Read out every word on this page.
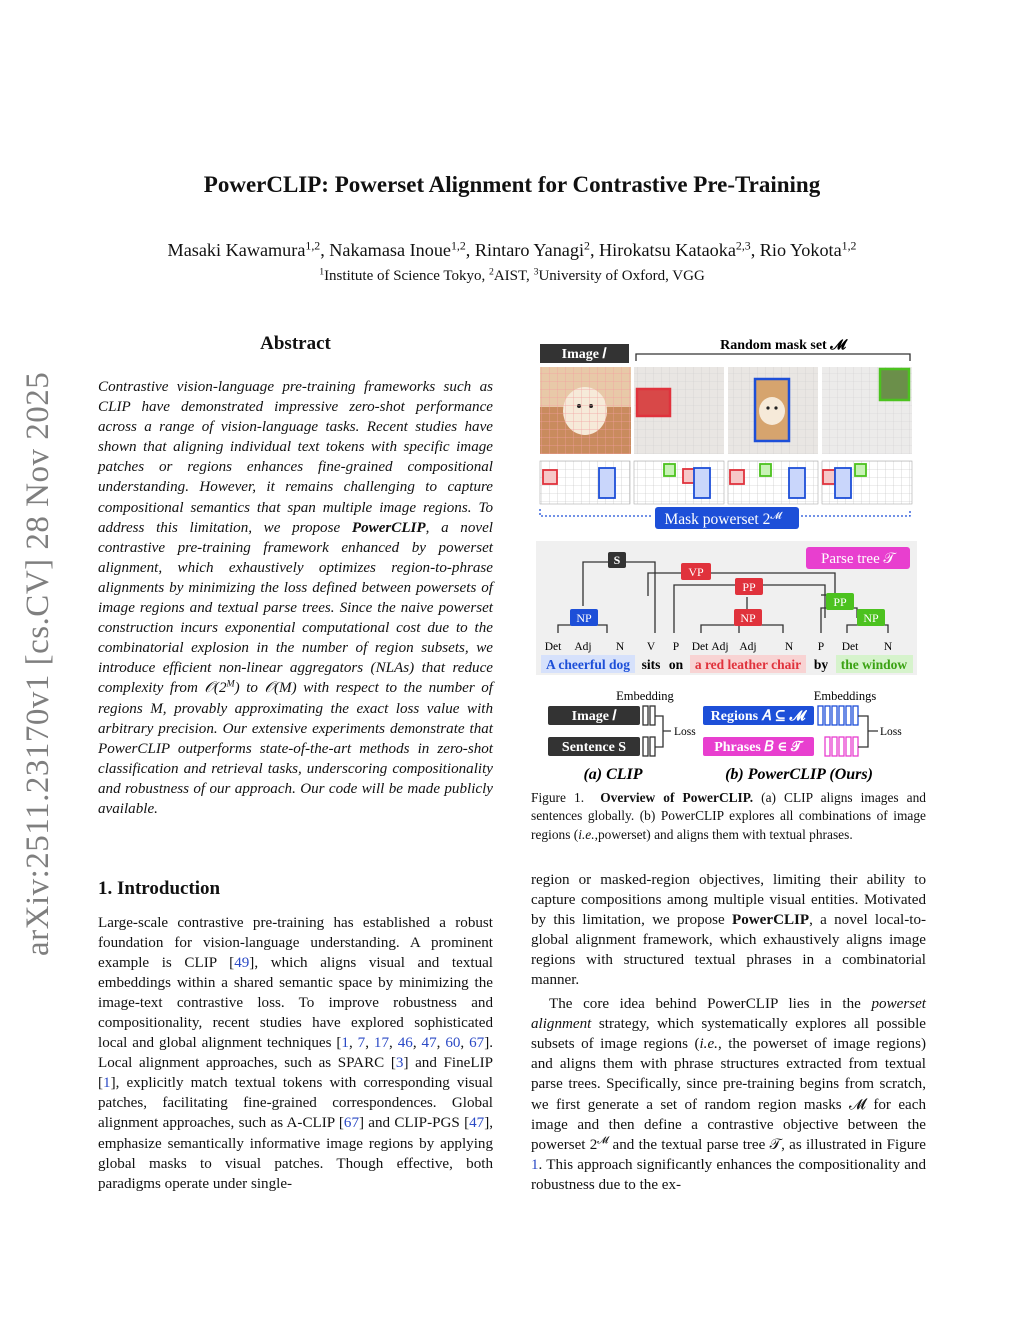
arXiv:2511.23170v1 [cs.CV] 28 Nov 2025
PowerCLIP: Powerset Alignment for Contrastive Pre-Training
Masaki Kawamura$^{1,2}$, Nakamasa Inoue$^{1,2}$, Rintaro Yanagi$^2$, Hirokatsu Kataoka$^{2,3}$, Rio Yokota$^{1,2}$
$^1$Institute of Science Tokyo, $^2$AIST, $^3$University of Oxford, VGG
Abstract
Contrastive vision-language pre-training frameworks such as CLIP have demonstrated impressive zero-shot performance across a range of vision-language tasks. Recent studies have shown that aligning individual text tokens with specific image patches or regions enhances fine-grained compositional understanding. However, it remains challenging to capture compositional semantics that span multiple image regions. To address this limitation, we propose PowerCLIP, a novel contrastive pre-training framework enhanced by powerset alignment, which exhaustively optimizes region-to-phrase alignments by minimizing the loss defined between powersets of image regions and textual parse trees. Since the naive powerset construction incurs exponential computational cost due to the combinatorial explosion in the number of region subsets, we introduce efficient non-linear aggregators (NLAs) that reduce complexity from $𝒪(2^M)$ to 𝒪(M) with respect to the number of regions M, provably approximating the exact loss value with arbitrary precision. Our extensive experiments demonstrate that PowerCLIP outperforms state-of-the-art methods in zero-shot classification and retrieval tasks, underscoring compositionality and robustness of our approach. Our code will be made publicly available.
1. Introduction
Large-scale contrastive pre-training has established a robust foundation for vision-language understanding. A prominent example is CLIP [49], which aligns visual and textual embeddings within a shared semantic space by minimizing the image-text contrastive loss. To improve robustness and compositionality, recent studies have explored sophisticated local and global alignment techniques [1, 7, 17, 46, 47, 60, 67]. Local alignment approaches, such as SPARC [3] and FineLIP [1], explicitly match textual tokens with corresponding visual patches, facilitating fine-grained correspondences. Global alignment approaches, such as A-CLIP [67] and CLIP-PGS [47], emphasize semantically informative image regions by applying global masks to visual patches. Though effective, both paradigms operate under single-
region or masked-region objectives, limiting their ability to capture compositions among multiple visual entities. Motivated by this limitation, we propose PowerCLIP, a novel local-to-global alignment framework, which exhaustively aligns image regions with structured textual phrases in a combinatorial manner.
The core idea behind PowerCLIP lies in the powerset alignment strategy, which systematically explores all possible subsets of image regions (i.e., the powerset of image regions) and aligns them with phrase structures extracted from textual parse trees. Specifically, since pre-training begins from scratch, we first generate a set of random region masks 𝓜 for each image and then define a contrastive objective between the powerset $2^𝓜$ and the textual parse tree 𝒯, as illustrated in Figure 1. This approach significantly enhances the compositionality and robustness due to the ex-
Image 𝐼
Random mask set 𝓜
Mask powerset $2^𝓜$
S
VP
PP
NP	NP
PP
NP
Parse tree 𝒯
Det Adj N V P Det Adj Adj N P Det N
A cheerful dog sits on a red leather chair by the window
Embedding
Image 𝐼
Sentence S
Loss
(a) CLIP
Embeddings
Regions 𝐴 ⊆ 𝓜
Phrases 𝐵 ∈ 𝒯
Loss
(b) PowerCLIP (Ours)
Figure 1. Overview of PowerCLIP. (a) CLIP aligns images and sentences globally. (b) PowerCLIP explores all combinations of image regions (i.e.,powerset) and aligns them with textual phrases.
